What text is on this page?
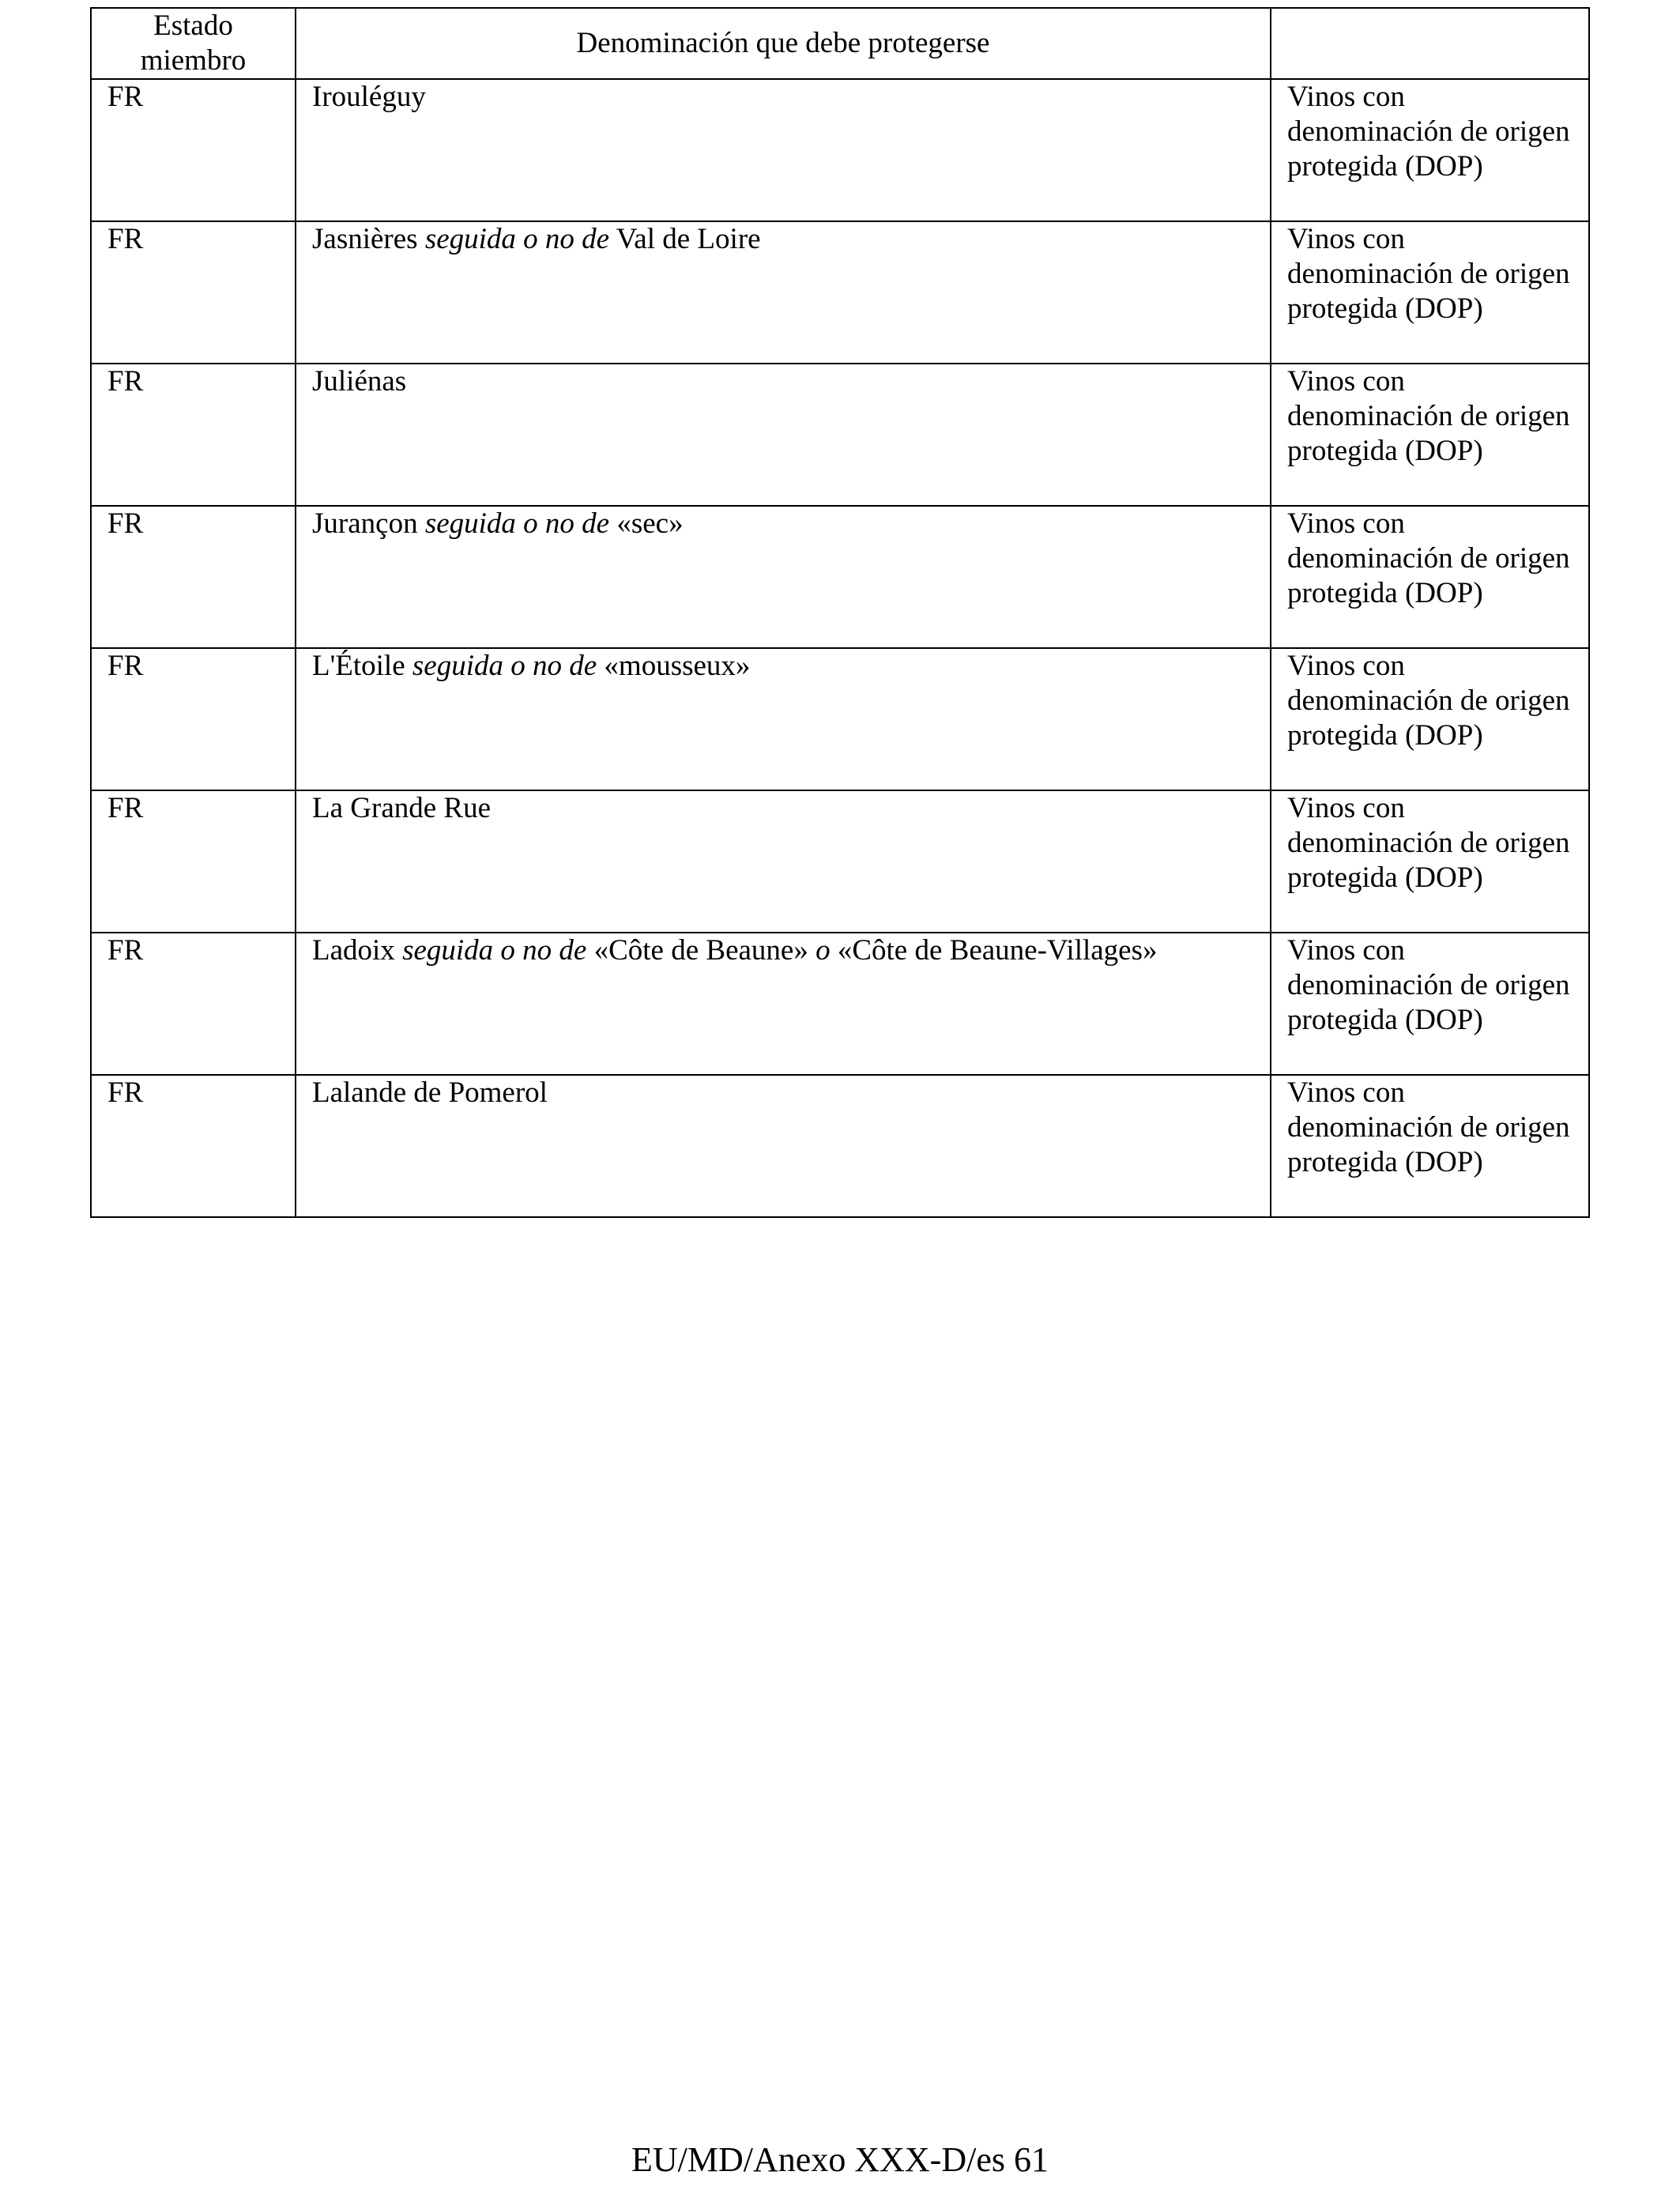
Estado miembro	Denominación que debe protegerse	
FR	Irouléguy	Vinos con denominación de origen protegida (DOP)
FR	Jasnières seguida o no de Val de Loire	Vinos con denominación de origen protegida (DOP)
FR	Juliénas	Vinos con denominación de origen protegida (DOP)
FR	Jurançon seguida o no de «sec»	Vinos con denominación de origen protegida (DOP)
FR	L'Étoile seguida o no de «mousseux»	Vinos con denominación de origen protegida (DOP)
FR	La Grande Rue	Vinos con denominación de origen protegida (DOP)
FR	Ladoix seguida o no de «Côte de Beaune» o «Côte de Beaune-Villages»	Vinos con denominación de origen protegida (DOP)
FR	Lalande de Pomerol	Vinos con denominación de origen protegida (DOP)
EU/MD/Anexo XXX-D/es 61
